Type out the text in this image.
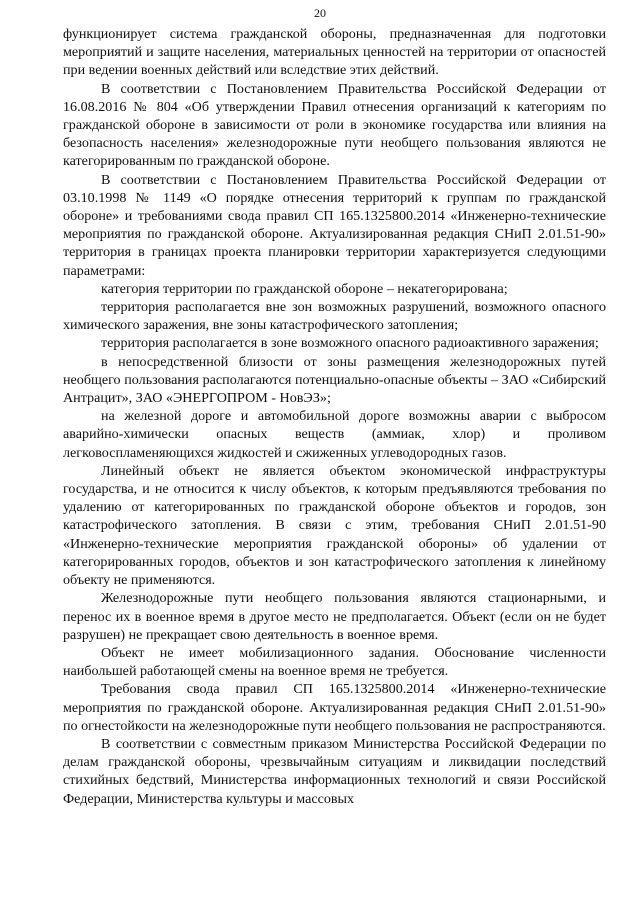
20

функционирует система гражданской обороны, предназначенная для подготовки мероприятий и защите населения, материальных ценностей на территории от опасностей при ведении военных действий или вследствие этих действий.

В соответствии с Постановлением Правительства Российской Федерации от 16.08.2016 № 804 «Об утверждении Правил отнесения организаций к категориям по гражданской обороне в зависимости от роли в экономике государства или влияния на безопасность населения» железнодорожные пути необщего пользования являются не категорированным по гражданской обороне.

В соответствии с Постановлением Правительства Российской Федерации от 03.10.1998 № 1149 «О порядке отнесения территорий к группам по гражданской обороне» и требованиями свода правил СП 165.1325800.2014 «Инженерно-технические мероприятия по гражданской обороне. Актуализированная редакция СНиП 2.01.51-90» территория в границах проекта планировки территории характеризуется следующими параметрами:

категория территории по гражданской обороне – некатегорирована;

территория располагается вне зон возможных разрушений, возможного опасного химического заражения, вне зоны катастрофического затопления;

территория располагается в зоне возможного опасного радиоактивного заражения;

в непосредственной близости от зоны размещения железнодорожных путей необщего пользования располагаются потенциально-опасные объекты – ЗАО «Сибирский Антрацит», ЗАО «ЭНЕРГОПРОМ - НовЭЗ»;

на железной дороге и автомобильной дороге возможны аварии с выбросом аварийно-химически опасных веществ (аммиак, хлор) и проливом легковоспламеняющихся жидкостей и сжиженных углеводородных газов.

Линейный объект не является объектом экономической инфраструктуры государства, и не относится к числу объектов, к которым предъявляются требования по удалению от категорированных по гражданской обороне объектов и городов, зон катастрофического затопления. В связи с этим, требования СНиП 2.01.51-90 «Инженерно-технические мероприятия гражданской обороны» об удалении от категорированных городов, объектов и зон катастрофического затопления к линейному объекту не применяются.

Железнодорожные пути необщего пользования являются стационарными, и перенос их в военное время в другое место не предполагается. Объект (если он не будет разрушен) не прекращает свою деятельность в военное время.

Объект не имеет мобилизационного задания. Обоснование численности наибольшей работающей смены на военное время не требуется.

Требования свода правил СП 165.1325800.2014 «Инженерно-технические мероприятия по гражданской обороне. Актуализированная редакция СНиП 2.01.51-90» по огнестойкости на железнодорожные пути необщего пользования не распространяются.

В соответствии с совместным приказом Министерства Российской Федерации по делам гражданской обороны, чрезвычайным ситуациям и ликвидации последствий стихийных бедствий, Министерства информационных технологий и связи Российской Федерации, Министерства культуры и массовых
